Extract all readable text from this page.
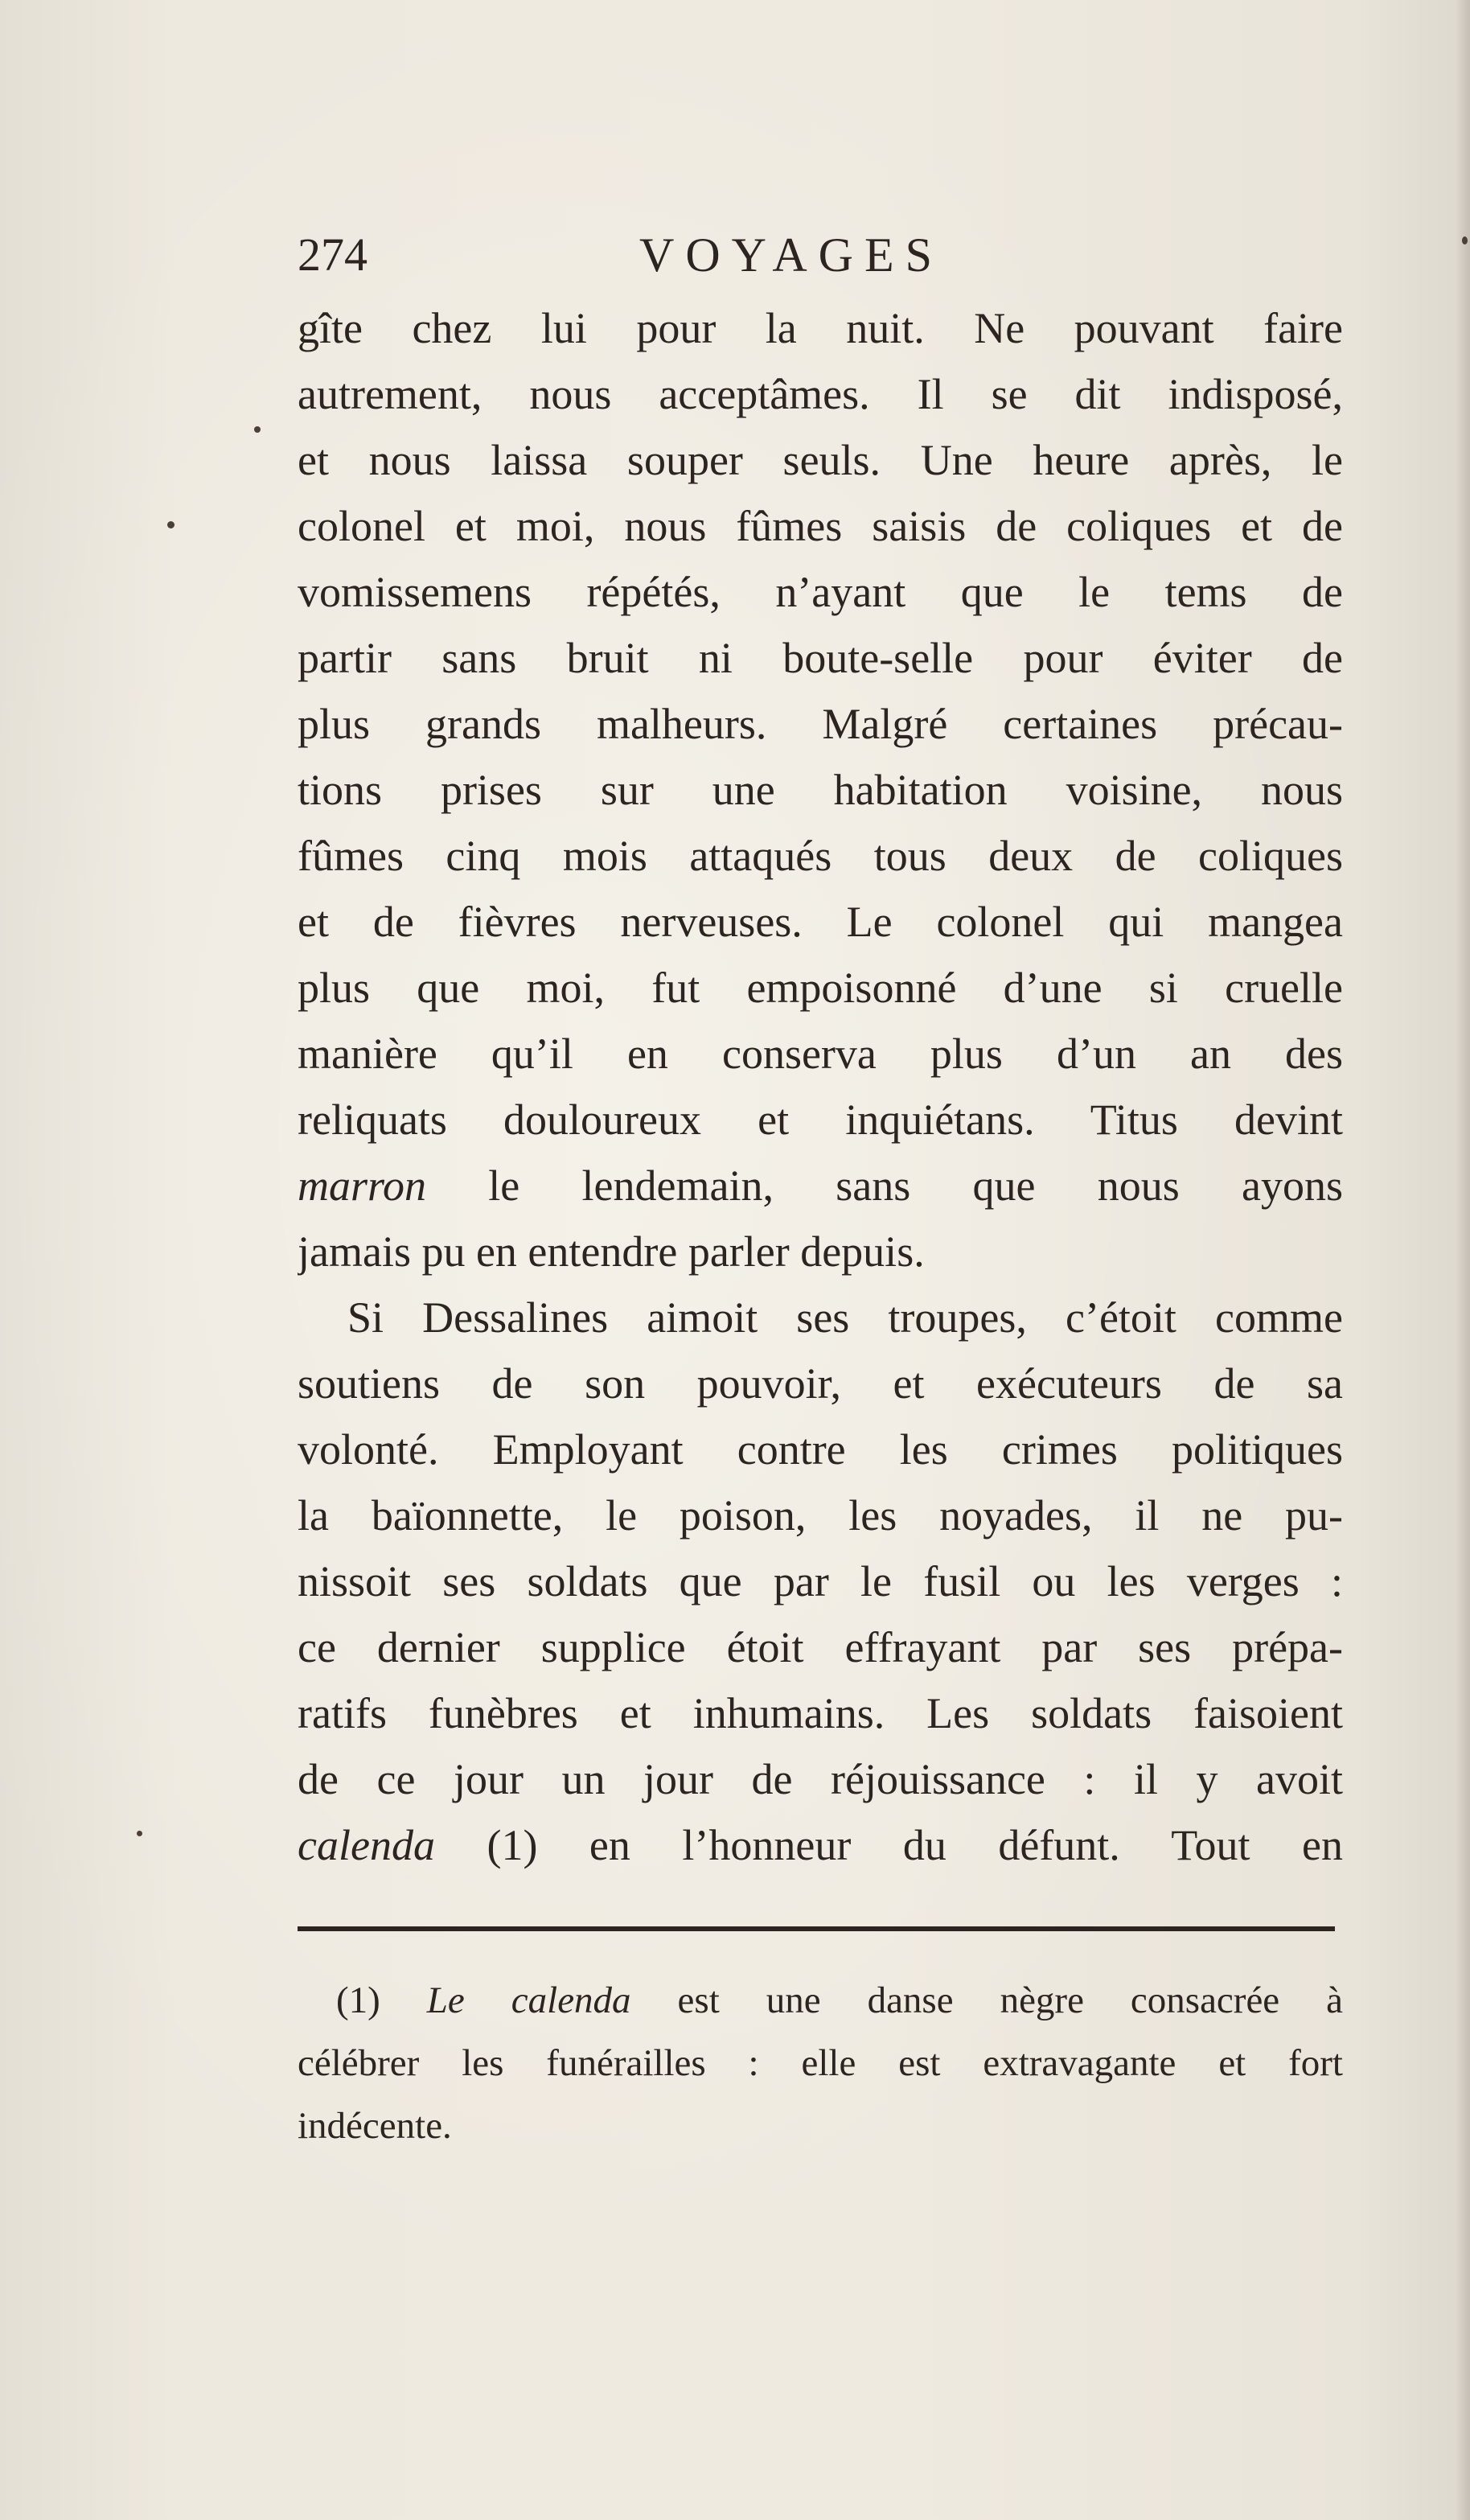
274	VOYAGES
gîte chez lui pour la nuit. Ne pouvant faire
autrement, nous acceptâmes. Il se dit indisposé,
et nous laissa souper seuls. Une heure après, le
colonel et moi, nous fûmes saisis de coliques et de
vomissemens répétés, n’ayant que le tems de
partir sans bruit ni boute-selle pour éviter de
plus grands malheurs. Malgré certaines précau-
tions prises sur une habitation voisine, nous
fûmes cinq mois attaqués tous deux de coliques
et de fièvres nerveuses. Le colonel qui mangea
plus que moi, fut empoisonné d’une si cruelle
manière qu’il en conserva plus d’un an des
reliquats douloureux et inquiétans. Titus devint
marron le lendemain, sans que nous ayons
jamais pu en entendre parler depuis.
Si Dessalines aimoit ses troupes, c’étoit comme
soutiens de son pouvoir, et exécuteurs de sa
volonté. Employant contre les crimes politiques
la baïonnette, le poison, les noyades, il ne pu-
nissoit ses soldats que par le fusil ou les verges :
ce dernier supplice étoit effrayant par ses prépa-
ratifs funèbres et inhumains. Les soldats faisoient
de ce jour un jour de réjouissance : il y avoit
calenda (1) en l’honneur du défunt. Tout en
(1) Le calenda est une danse nègre consacrée à
célébrer les funérailles : elle est extravagante et fort
indécente.
